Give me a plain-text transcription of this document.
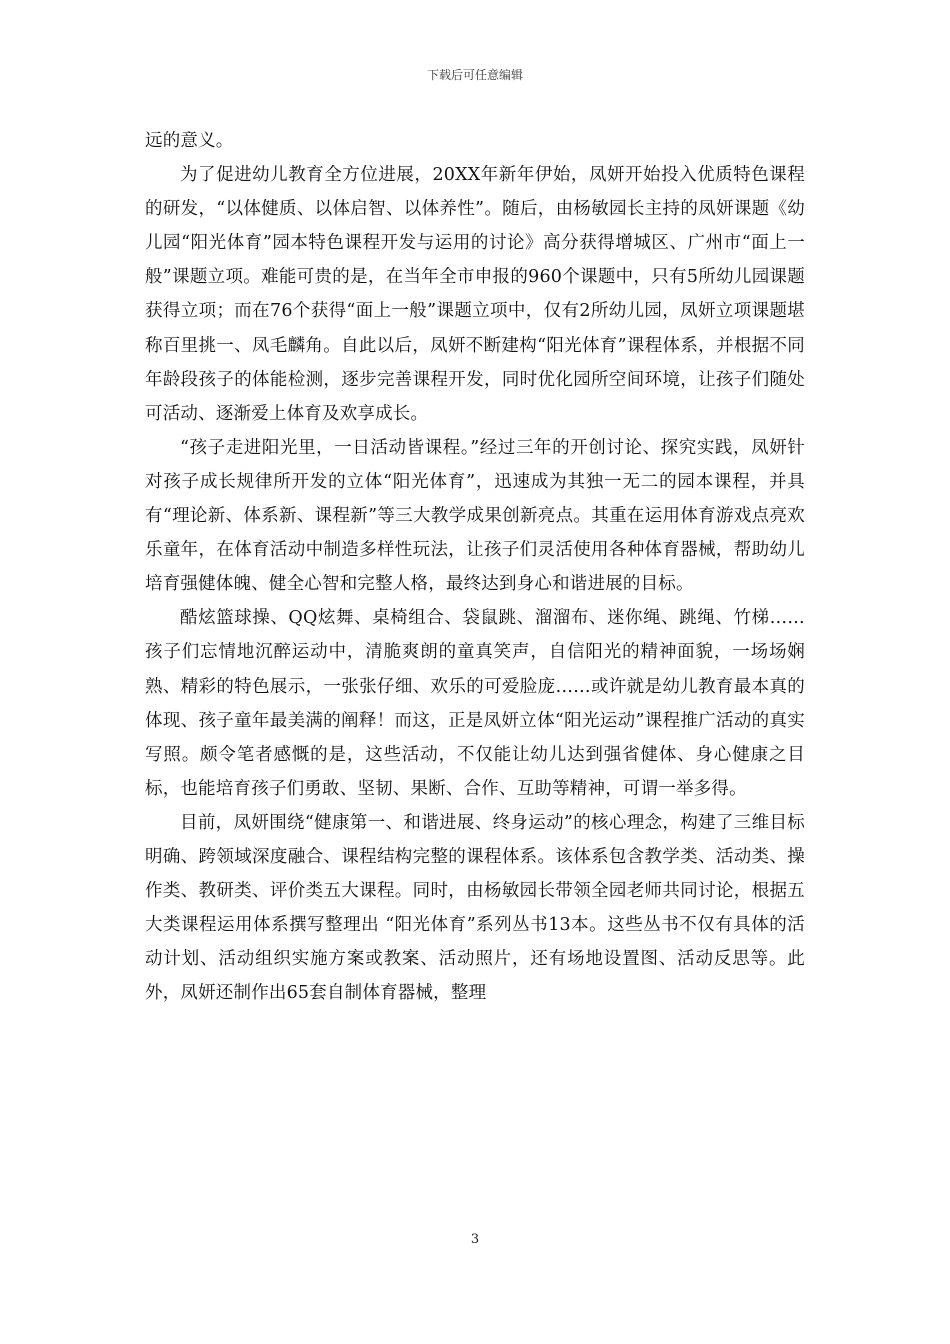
下载后可任意编辑

远的意义。

为了促进幼儿教育全方位进展，20XX年新年伊始，凤妍开始投入优质特色课程的研发，“以体健质、以体启智、以体养性”。随后，由杨敏园长主持的凤妍课题《幼儿园“阳光体育”园本特色课程开发与运用的讨论》高分获得增城区、广州市“面上一般”课题立项。难能可贵的是，在当年全市申报的960个课题中，只有5所幼儿园课题获得立项；而在76个获得“面上一般”课题立项中，仅有2所幼儿园，凤妍立项课题堪称百里挑一、凤毛麟角。自此以后，凤妍不断建构“阳光体育”课程体系，并根据不同年龄段孩子的体能检测，逐步完善课程开发，同时优化园所空间环境，让孩子们随处可活动、逐渐爱上体育及欢享成长。

“孩子走进阳光里，一日活动皆课程。”经过三年的开创讨论、探究实践，凤妍针对孩子成长规律所开发的立体“阳光体育”，迅速成为其独一无二的园本课程，并具有“理论新、体系新、课程新”等三大教学成果创新亮点。其重在运用体育游戏点亮欢乐童年，在体育活动中制造多样性玩法，让孩子们灵活使用各种体育器械，帮助幼儿培育强健体魄、健全心智和完整人格，最终达到身心和谐进展的目标。

酷炫篮球操、QQ炫舞、桌椅组合、袋鼠跳、溜溜布、迷你绳、跳绳、竹梯……孩子们忘情地沉醉运动中，清脆爽朗的童真笑声，自信阳光的精神面貌，一场场娴熟、精彩的特色展示，一张张仔细、欢乐的可爱脸庞……或许就是幼儿教育最本真的体现、孩子童年最美满的阐释！而这，正是凤妍立体“阳光运动”课程推广活动的真实写照。颇令笔者感慨的是，这些活动，不仅能让幼儿达到强省健体、身心健康之目标，也能培育孩子们勇敢、坚韧、果断、合作、互助等精神，可谓一举多得。

目前，凤妍围绕“健康第一、和谐进展、终身运动”的核心理念，构建了三维目标明确、跨领域深度融合、课程结构完整的课程体系。该体系包含教学类、活动类、操作类、教研类、评价类五大课程。同时，由杨敏园长带领全园老师共同讨论，根据五大类课程运用体系撰写整理出 “阳光体育”系列丛书13本。这些丛书不仅有具体的活动计划、活动组织实施方案或教案、活动照片，还有场地设置图、活动反思等。此外，凤妍还制作出65套自制体育器械，整理

3
